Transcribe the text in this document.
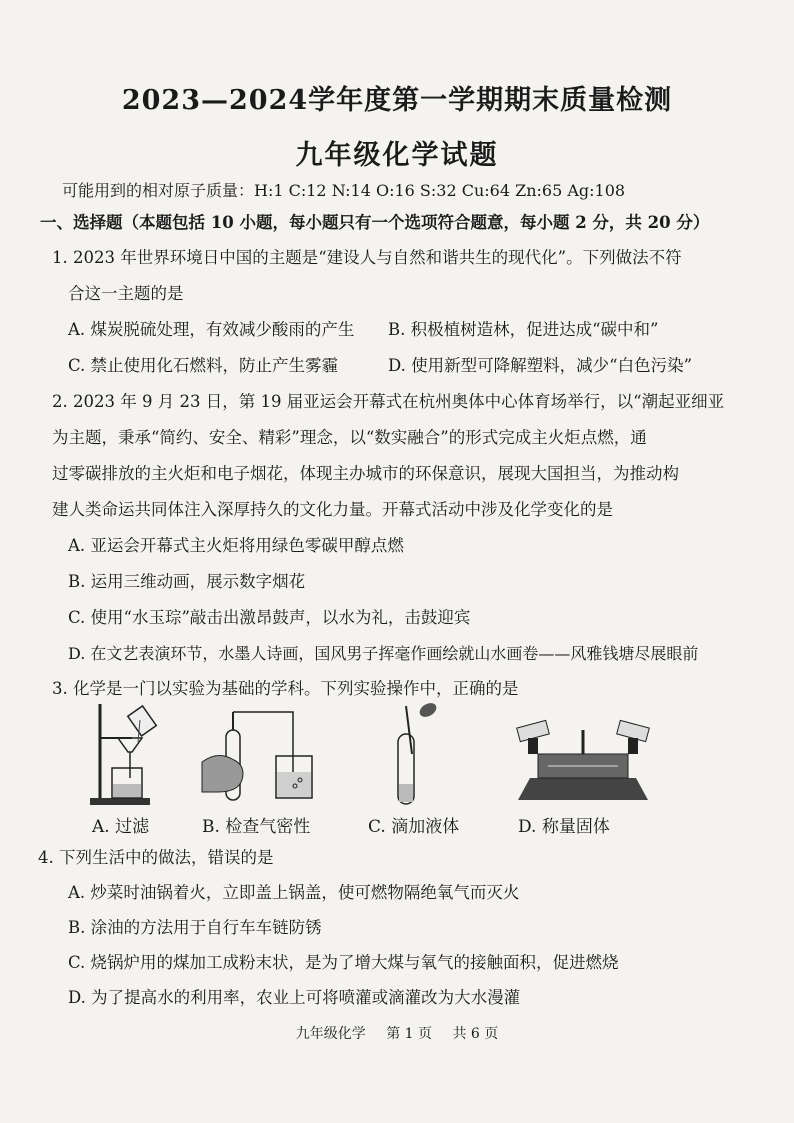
2023—2024学年度第一学期期末质量检测
九年级化学试题
可能用到的相对原子质量：H:1 C:12 N:14 O:16 S:32 Cu:64 Zn:65 Ag:108
一、选择题（本题包括 10 小题，每小题只有一个选项符合题意，每小题 2 分，共 20 分）
1. 2023 年世界环境日中国的主题是“建设人与自然和谐共生的现代化”。下列做法不符
合这一主题的是
A. 煤炭脱硫处理，有效减少酸雨的产生 B. 积极植树造林，促进达成“碳中和”
C. 禁止使用化石燃料，防止产生雾霾	D. 使用新型可降解塑料，减少“白色污染”
2. 2023 年 9 月 23 日，第 19 届亚运会开幕式在杭州奥体中心体育场举行，以“潮起亚细亚
为主题，秉承“简约、安全、精彩”理念，以“数实融合”的形式完成主火炬点燃，通
过零碳排放的主火炬和电子烟花，体现主办城市的环保意识，展现大国担当，为推动构
建人类命运共同体注入深厚持久的文化力量。开幕式活动中涉及化学变化的是
A. 亚运会开幕式主火炬将用绿色零碳甲醇点燃
B. 运用三维动画，展示数字烟花
C. 使用“水玉琮”敲击出激昂鼓声，以水为礼，击鼓迎宾
D. 在文艺表演环节，水墨人诗画，国风男子挥毫作画绘就山水画卷——风雅钱塘尽展眼前
3. 化学是一门以实验为基础的学科。下列实验操作中，正确的是
A. 过滤	B. 检查气密性	C. 滴加液体	D. 称量固体
4. 下列生活中的做法，错误的是
A. 炒菜时油锅着火，立即盖上锅盖，使可燃物隔绝氧气而灭火
B. 涂油的方法用于自行车车链防锈
C. 烧锅炉用的煤加工成粉末状，是为了增大煤与氧气的接触面积，促进燃烧
D. 为了提高水的利用率，农业上可将喷灌或滴灌改为大水漫灌
九年级化学 第 1 页 共 6 页
